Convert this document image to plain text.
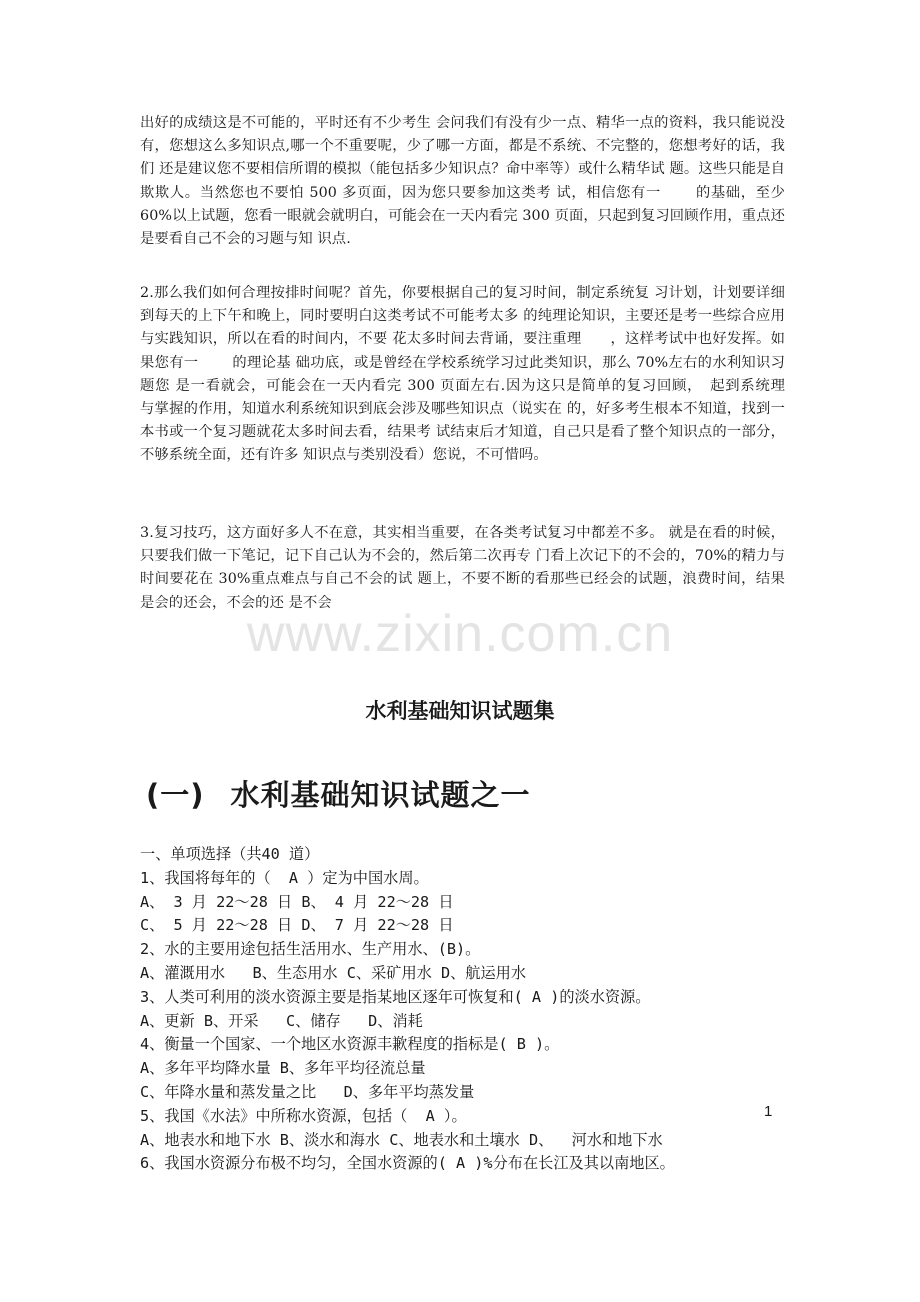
出好的成绩这是不可能的，平时还有不少考生 会问我们有没有少一点、精华一点的资料，我只能说没有，您想这么多知识点,哪一个不重要呢，少了哪一方面，都是不系统、不完整的，您想考好的话，我们 还是建议您不要相信所谓的模拟（能包括多少知识点？命中率等）或什么精华试 题。这些只能是自欺欺人。当然您也不要怕 500 多页面，因为您只要参加这类考 试，相信您有一　　 的基础，至少 60%以上试题，您看一眼就会就明白，可能会在一天内看完 300 页面，只起到复习回顾作用，重点还是要看自己不会的习题与知 识点.

2.那么我们如何合理按排时间呢？首先，你要根据自己的复习时间，制定系统复 习计划，计划要详细到每天的上下午和晚上，同时要明白这类考试不可能考太多 的纯理论知识，主要还是考一些综合应用与实践知识，所以在看的时间内，不要 花太多时间去背诵，要注重理　　，这样考试中也好发挥。如果您有一　　 的理论基 础功底，或是曾经在学校系统学习过此类知识，那么 70%左右的水利知识习题您 是一看就会，可能会在一天内看完 300 页面左右.因为这只是简单的复习回顾，　起到系统理　　 与掌握的作用，知道水利系统知识到底会涉及哪些知识点（说实在 的，好多考生根本不知道，找到一本书或一个复习题就花太多时间去看，结果考 试结束后才知道，自己只是看了整个知识点的一部分，不够系统全面，还有许多 知识点与类别没看）您说，不可惜吗。

3.复习技巧，这方面好多人不在意，其实相当重要，在各类考试复习中都差不多。 就是在看的时候，只要我们做一下笔记，记下自己认为不会的，然后第二次再专 门看上次记下的不会的，70%的精力与时间要花在 30%重点难点与自己不会的试 题上，不要不断的看那些已经会的试题，浪费时间，结果是会的还会，不会的还 是不会

www.zixin.com.cn
水利基础知识试题集
(一) 水利基础知识试题之一
一、单项选择（共40 道）
1、我国将每年的（  A ）定为中国水周。
A、 3 月 22～28 日 B、 4 月 22～28 日
C、 5 月 22～28 日 D、 7 月 22～28 日
2、水的主要用途包括生活用水、生产用水、(B)。
A、灌溉用水   B、生态用水 C、采矿用水 D、航运用水
3、人类可利用的淡水资源主要是指某地区逐年可恢复和( A )的淡水资源。
A、更新 B、开采   C、储存   D、消耗
4、衡量一个国家、一个地区水资源丰歉程度的指标是( B )。
A、多年平均降水量 B、多年平均径流总量
C、年降水量和蒸发量之比   D、多年平均蒸发量
5、我国《水法》中所称水资源，包括（  A ）。
A、地表水和地下水 B、淡水和海水 C、地表水和土壤水 D、  河水和地下水
6、我国水资源分布极不均匀，全国水资源的( A )%分布在长江及其以南地区。
1
